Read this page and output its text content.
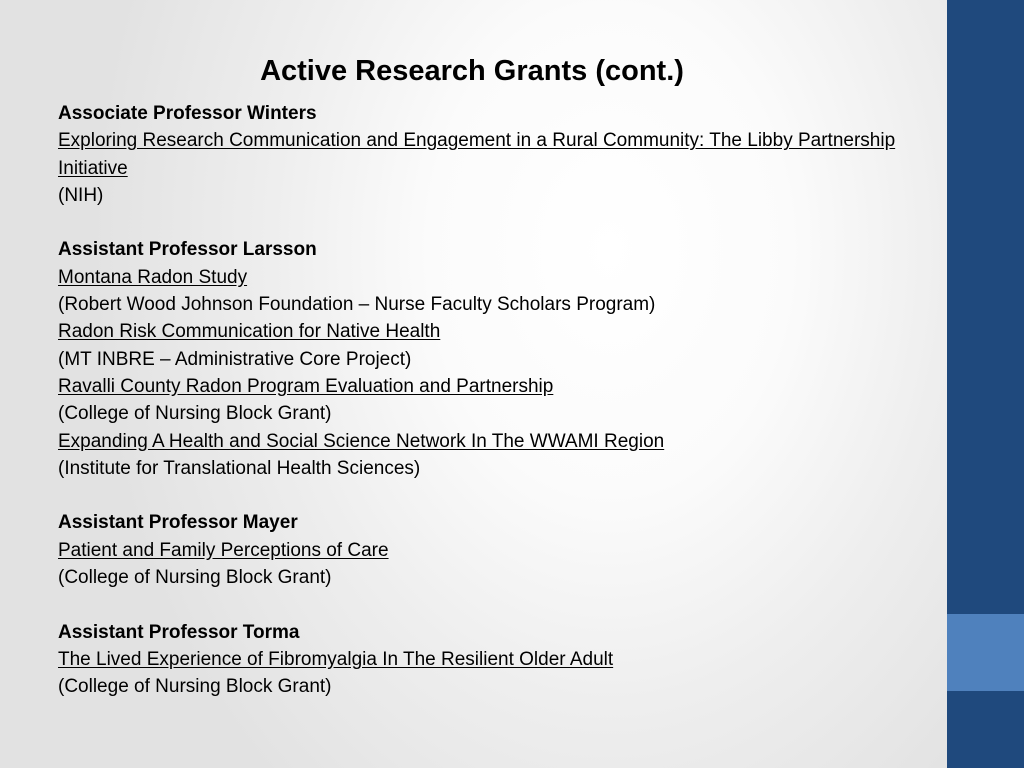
Active Research Grants (cont.)
Associate Professor Winters
Exploring Research Communication and Engagement in a Rural Community: The Libby Partnership
Initiative
(NIH)
Assistant Professor Larsson
Montana Radon Study
(Robert Wood Johnson Foundation – Nurse Faculty Scholars Program)
Radon Risk Communication for Native Health
(MT INBRE – Administrative Core Project)
Ravalli County Radon Program Evaluation and Partnership
(College of Nursing Block Grant)
Expanding A Health and Social Science Network In The WWAMI Region
(Institute for Translational Health Sciences)
Assistant Professor Mayer
Patient and Family Perceptions of Care
(College of Nursing Block Grant)
Assistant Professor Torma
The Lived Experience of Fibromyalgia In The Resilient Older Adult
(College of Nursing Block Grant)
